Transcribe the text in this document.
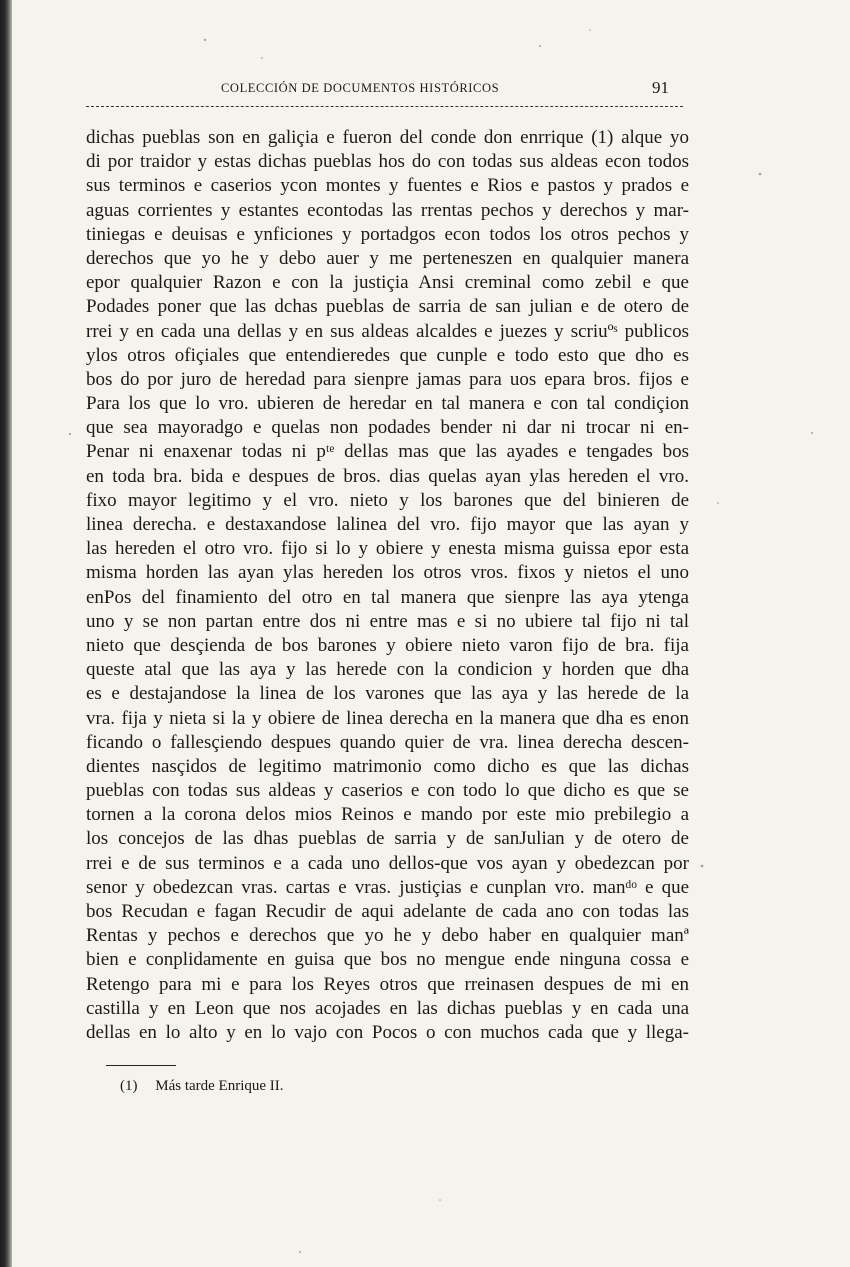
COLECCIÓN DE DOCUMENTOS HISTÓRICOS	91
dichas pueblas son en galiçia e fueron del conde don enrrique (1) alque yo
di por traidor y estas dichas pueblas hos do con todas sus aldeas econ todos
sus terminos e caserios ycon montes y fuentes e Rios e pastos y prados e
aguas corrientes y estantes econtodas las rrentas pechos y derechos y mar-
tiniegas e deuisas e ynficiones y portadgos econ todos los otros pechos y
derechos que yo he y debo auer y me perteneszen en qualquier manera
epor qualquier Razon e con la justiçia Ansi creminal como zebil e que
Podades poner que las dchas pueblas de sarria de san julian e de otero de
rrei y en cada una dellas y en sus aldeas alcaldes e juezes y scriuºˢ publicos
ylos otros ofiçiales que entendieredes que cunple e todo esto que dho es
bos do por juro de heredad para sienpre jamas para uos epara bros. fijos e
Para los que lo vro. ubieren de heredar en tal manera e con tal condiçion
que sea mayoradgo e quelas non podades bender ni dar ni trocar ni en-
Penar ni enaxenar todas ni pᵗᵉ dellas mas que las ayades e tengades bos
en toda bra. bida e despues de bros. dias quelas ayan ylas hereden el vro.
fixo mayor legitimo y el vro. nieto y los barones que del binieren de
linea derecha. e destaxandose lalinea del vro. fijo mayor que las ayan y
las hereden el otro vro. fijo si lo y obiere y enesta misma guissa epor esta
misma horden las ayan ylas hereden los otros vros. fixos y nietos el uno
enPos del finamiento del otro en tal manera que sienpre las aya ytenga
uno y se non partan entre dos ni entre mas e si no ubiere tal fijo ni tal
nieto que desçienda de bos barones y obiere nieto varon fijo de bra. fija
queste atal que las aya y las herede con la condicion y horden que dha
es e destajandose la linea de los varones que las aya y las herede de la
vra. fija y nieta si la y obiere de linea derecha en la manera que dha es enon
ficando o fallesçiendo despues quando quier de vra. linea derecha descen-
dientes nasçidos de legitimo matrimonio como dicho es que las dichas
pueblas con todas sus aldeas y caserios e con todo lo que dicho es que se
tornen a la corona delos mios Reinos e mando por este mio prebilegio a
los concejos de las dhas pueblas de sarria y de sanJulian y de otero de
rrei e de sus terminos e a cada uno dellos-que vos ayan y obedezcan por
senor y obedezcan vras. cartas e vras. justiçias e cunplan vro. manᵈᵒ e que
bos Recudan e fagan Recudir de aqui adelante de cada ano con todas las
Rentas y pechos e derechos que yo he y debo haber en qualquier manª
bien e conplidamente en guisa que bos no mengue ende ninguna cossa e
Retengo para mi e para los Reyes otros que rreinasen despues de mi en
castilla y en Leon que nos acojades en las dichas pueblas y en cada una
dellas en lo alto y en lo vajo con Pocos o con muchos cada que y llega-
(1) Más tarde Enrique II.
